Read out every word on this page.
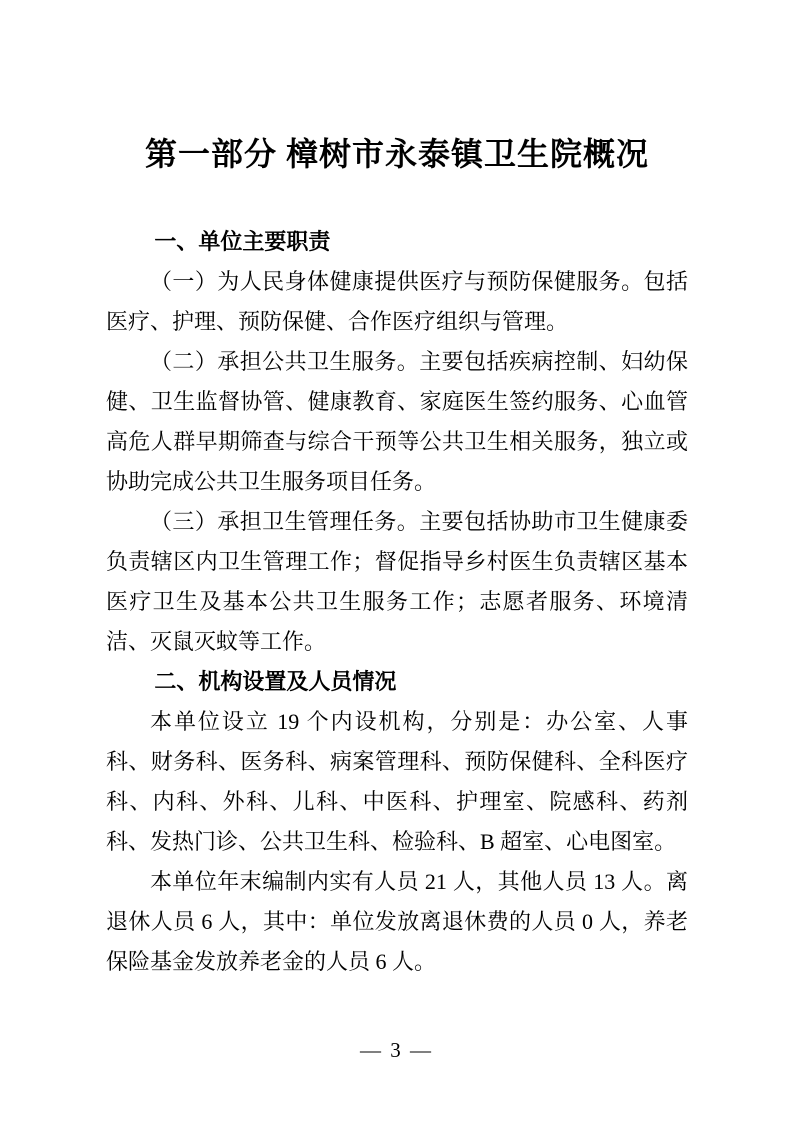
第一部分 樟树市永泰镇卫生院概况
一、单位主要职责

（一）为人民身体健康提供医疗与预防保健服务。包括医疗、护理、预防保健、合作医疗组织与管理。

（二）承担公共卫生服务。主要包括疾病控制、妇幼保健、卫生监督协管、健康教育、家庭医生签约服务、心血管高危人群早期筛查与综合干预等公共卫生相关服务，独立或协助完成公共卫生服务项目任务。

（三）承担卫生管理任务。主要包括协助市卫生健康委负责辖区内卫生管理工作；督促指导乡村医生负责辖区基本医疗卫生及基本公共卫生服务工作；志愿者服务、环境清洁、灭鼠灭蚊等工作。

二、机构设置及人员情况

本单位设立 19 个内设机构，分别是：办公室、人事科、财务科、医务科、病案管理科、预防保健科、全科医疗科、内科、外科、儿科、中医科、护理室、院感科、药剂科、发热门诊、公共卫生科、检验科、B 超室、心电图室。

本单位年末编制内实有人员 21 人，其他人员 13 人。离退休人员 6 人，其中：单位发放离退休费的人员 0 人，养老保险基金发放养老金的人员 6 人。

— 3 —
